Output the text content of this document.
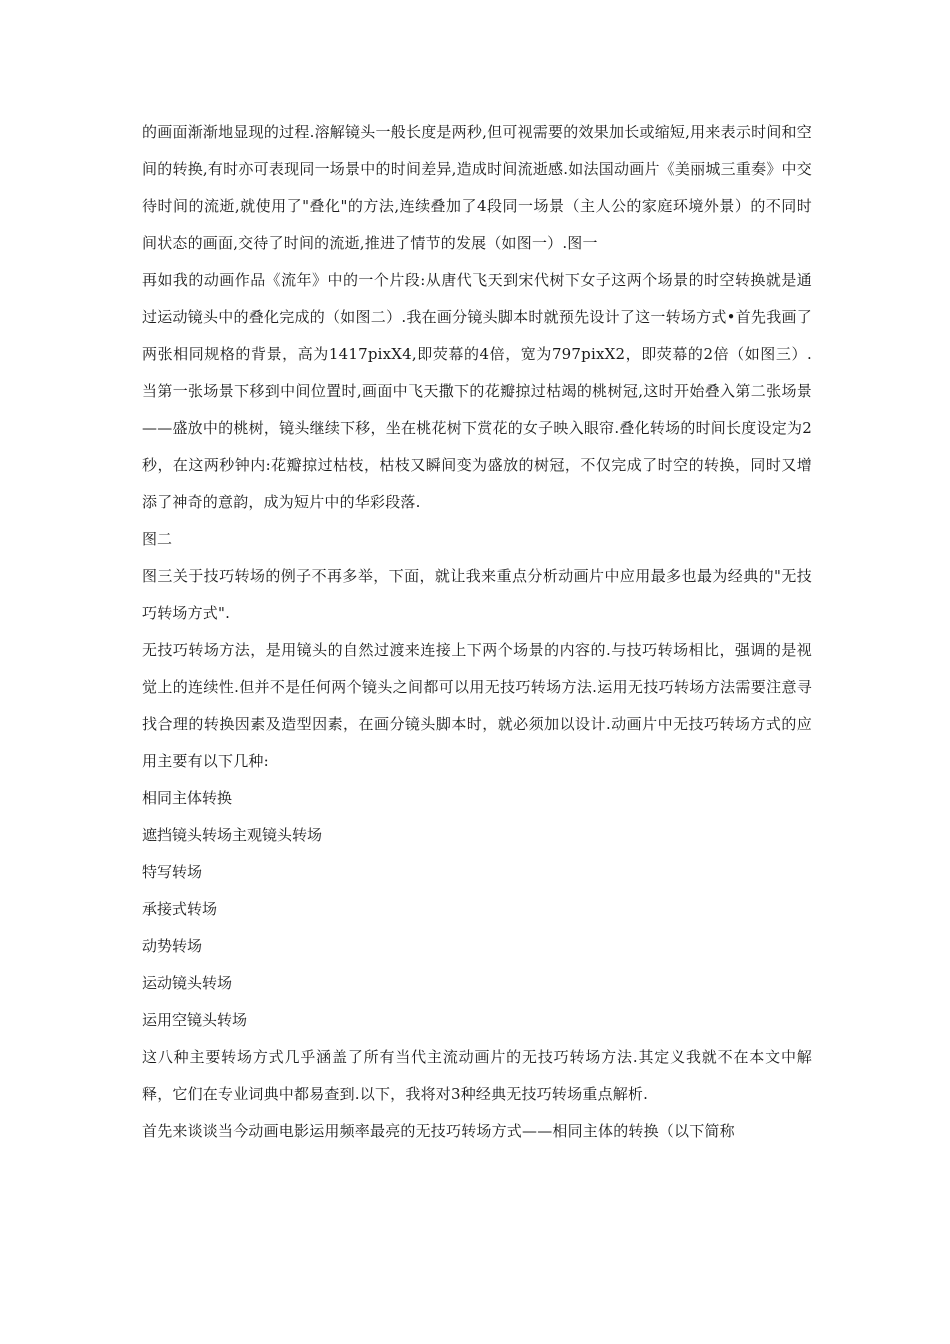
的画面渐渐地显现的过程.溶解镜头一般长度是两秒,但可视需要的效果加长或缩短,用来表示时间和空间的转换,有时亦可表现同一场景中的时间差异,造成时间流逝感.如法国动画片《美丽城三重奏》中交待时间的流逝,就使用了"叠化"的方法,连续叠加了4段同一场景（主人公的家庭环境外景）的不同时间状态的画面,交待了时间的流逝,推进了情节的发展（如图一）.图一

再如我的动画作品《流年》中的一个片段:从唐代飞天到宋代树下女子这两个场景的时空转换就是通过运动镜头中的叠化完成的（如图二）.我在画分镜头脚本时就预先设计了这一转场方式•首先我画了两张相同规格的背景，高为1417pixX4,即荧幕的4倍，宽为797pixX2，即荧幕的2倍（如图三）.当第一张场景下移到中间位置时,画面中飞天撒下的花瓣掠过枯竭的桃树冠,这时开始叠入第二张场景——盛放中的桃树，镜头继续下移，坐在桃花树下赏花的女子映入眼帘.叠化转场的时间长度设定为2秒，在这两秒钟内:花瓣掠过枯枝，枯枝又瞬间变为盛放的树冠，不仅完成了时空的转换，同时又增添了神奇的意韵，成为短片中的华彩段落.

图二

图三关于技巧转场的例子不再多举，下面，就让我来重点分析动画片中应用最多也最为经典的"无技巧转场方式".

无技巧转场方法，是用镜头的自然过渡来连接上下两个场景的内容的.与技巧转场相比，强调的是视觉上的连续性.但并不是任何两个镜头之间都可以用无技巧转场方法.运用无技巧转场方法需要注意寻找合理的转换因素及造型因素，在画分镜头脚本时，就必须加以设计.动画片中无技巧转场方式的应用主要有以下几种:

相同主体转换

遮挡镜头转场主观镜头转场

特写转场

承接式转场

动势转场

运动镜头转场

运用空镜头转场

这八种主要转场方式几乎涵盖了所有当代主流动画片的无技巧转场方法.其定义我就不在本文中解释，它们在专业词典中都易查到.以下，我将对3种经典无技巧转场重点解析.

首先来谈谈当今动画电影运用频率最亮的无技巧转场方式——相同主体的转换（以下简称
